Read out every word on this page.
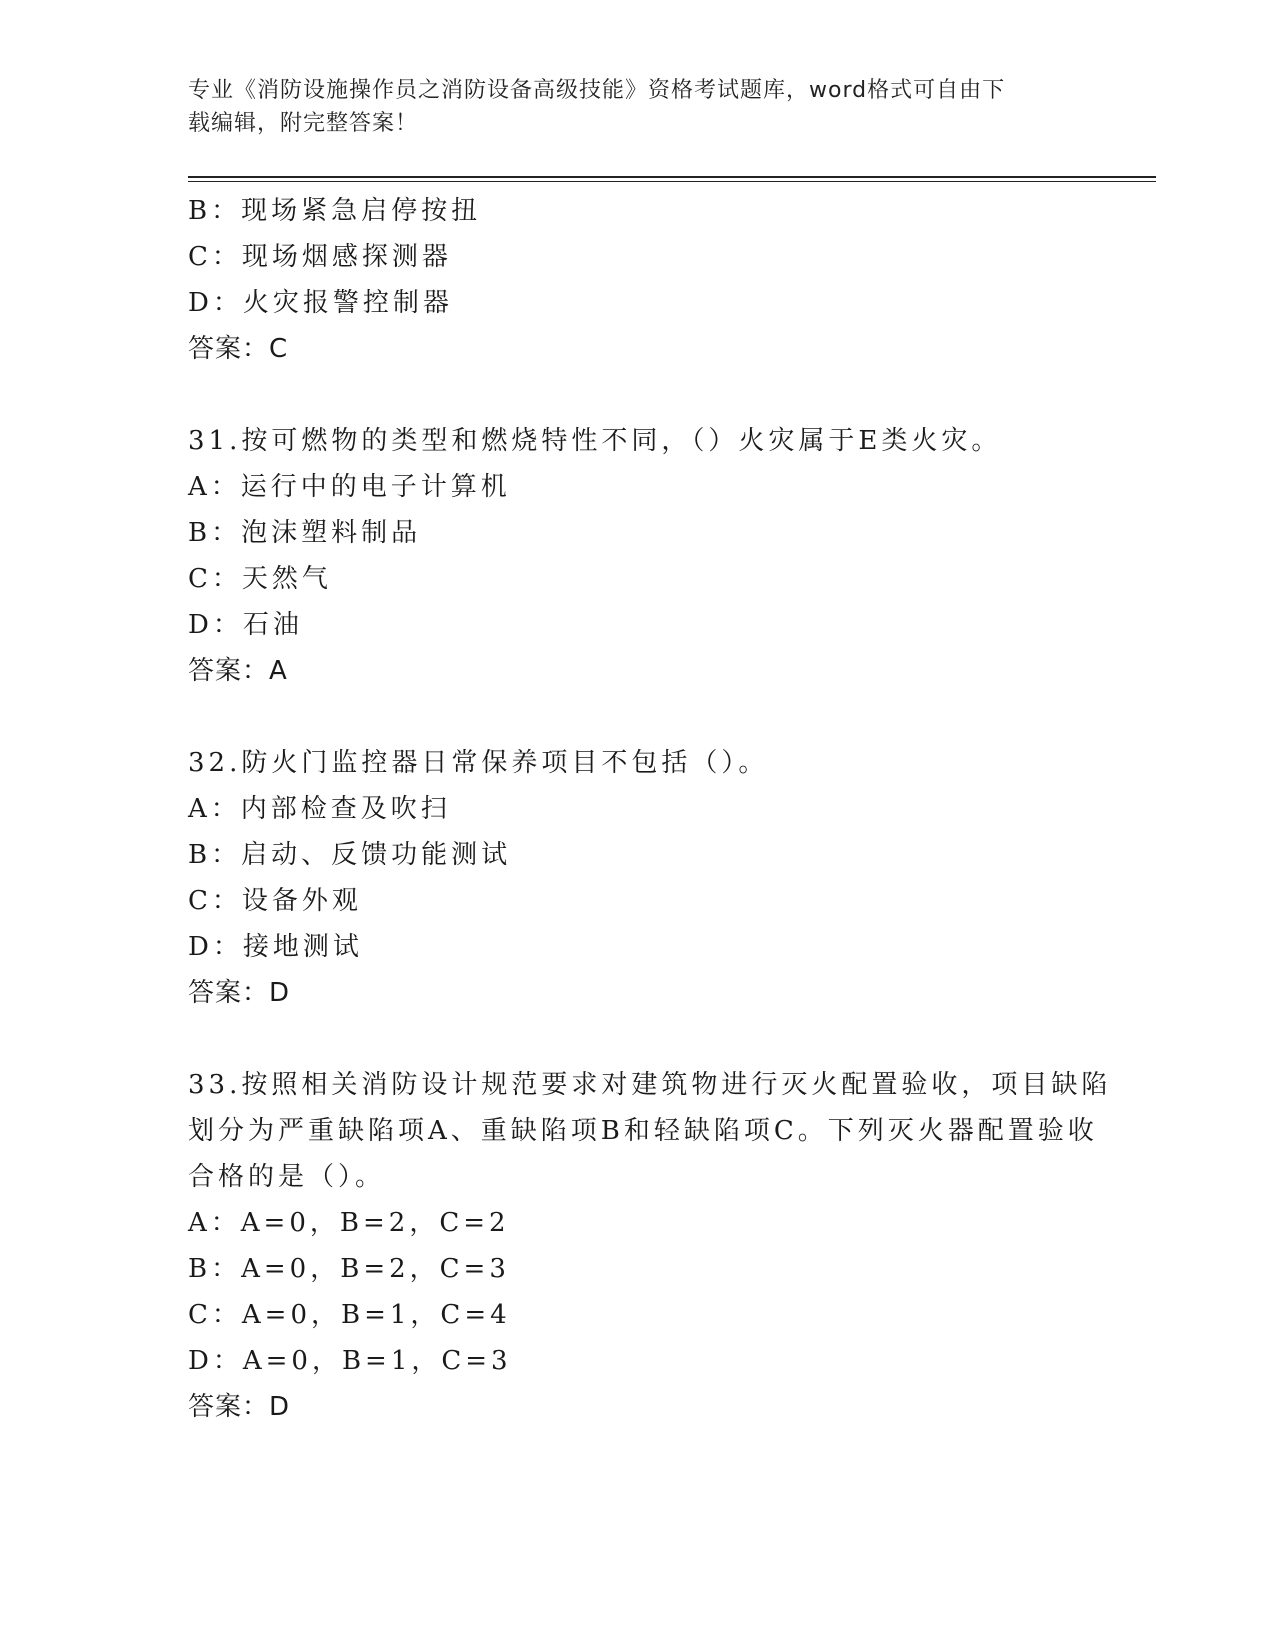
专业《消防设施操作员之消防设备高级技能》资格考试题库，word格式可自由下
载编辑，附完整答案！
B：现场紧急启停按扭
C：现场烟感探测器
D：火灾报警控制器
答案：C
31.按可燃物的类型和燃烧特性不同，（）火灾属于E类火灾。
A：运行中的电子计算机
B：泡沫塑料制品
C：天然气
D：石油
答案：A
32.防火门监控器日常保养项目不包括（）。
A：内部检查及吹扫
B：启动、反馈功能测试
C：设备外观
D：接地测试
答案：D
33.按照相关消防设计规范要求对建筑物进行灭火配置验收，项目缺陷
划分为严重缺陷项A、重缺陷项B和轻缺陷项C。下列灭火器配置验收
合格的是（）。
A：A=0，B=2，C=2
B：A=0，B=2，C=3
C：A=0，B=1，C=4
D：A=0，B=1，C=3
答案：D
